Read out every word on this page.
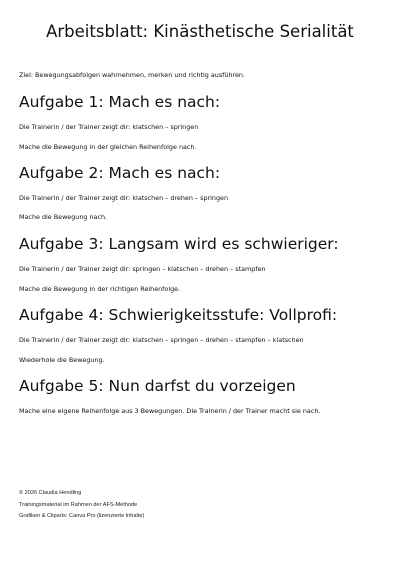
Arbeitsblatt: Kinästhetische Serialität

Ziel: Bewegungsabfolgen wahrnehmen, merken und richtig ausführen.

Aufgabe 1: Mach es nach:

Die Trainerin / der Trainer zeigt dir: klatschen – springen

Mache die Bewegung in der gleichen Reihenfolge nach.

Aufgabe 2: Mach es nach:

Die Trainerin / der Trainer zeigt dir: klatschen – drehen – springen

Mache die Bewegung nach.

Aufgabe 3: Langsam wird es schwieriger:

Die Trainerin / der Trainer zeigt dir: springen – klatschen – drehen – stampfen

Mache die Bewegung in der richtigen Reihenfolge.

Aufgabe 4: Schwierigkeitsstufe: Vollprofi:

Die Trainerin / der Trainer zeigt dir: klatschen – springen – drehen – stampfen – klatschen

Wiederhole die Bewegung.

Aufgabe 5: Nun darfst du vorzeigen

Mache eine eigene Reihenfolge aus 3 Bewegungen. Die Trainerin / der Trainer macht sie nach.

© 2026 Claudia Hendling

Trainingsmaterial im Rahmen der AFS-Methode

Grafiken & Cliparts: Canva Pro (lizenzierte Inhalte)
